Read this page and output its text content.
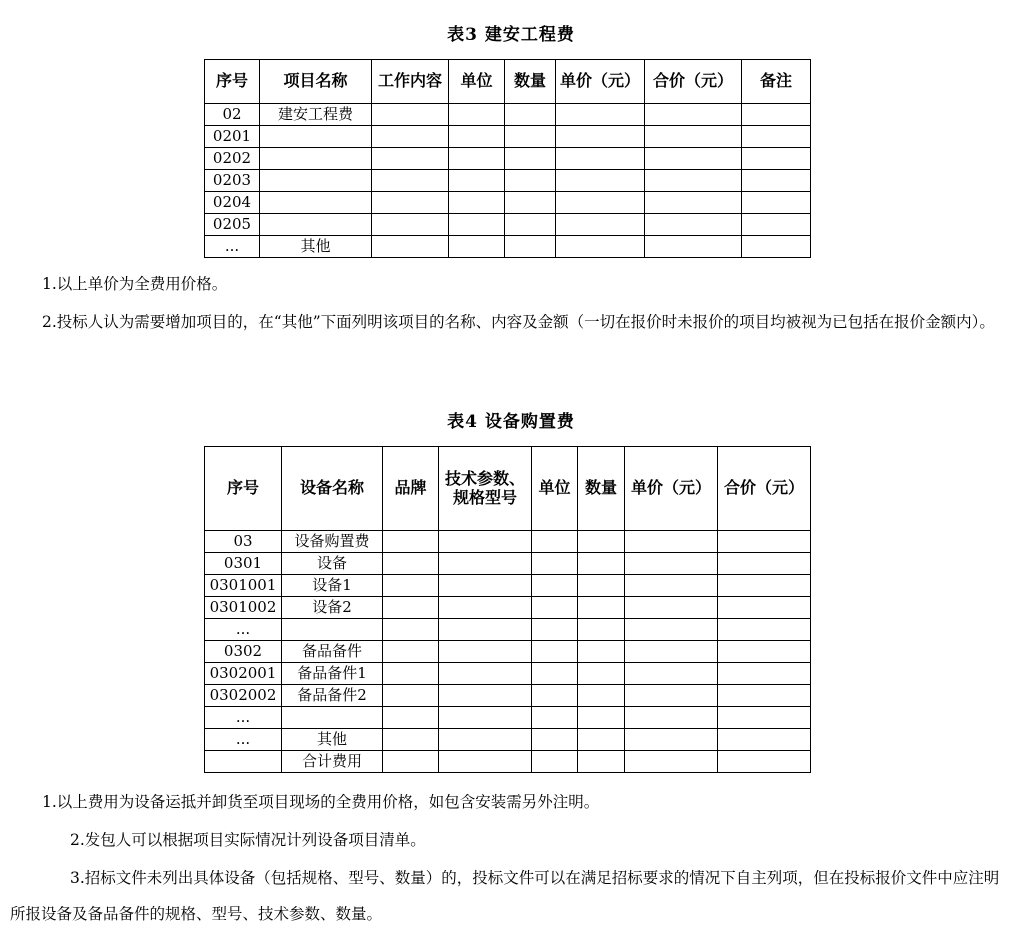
表3 建安工程费
序号	项目名称	工作内容	单位	数量	单价（元）	合价（元）	备注
02	建安工程费						
0201							
0202							
0203							
0204							
0205							
...	其他						
1.以上单价为全费用价格。
2.投标人认为需要增加项目的，在“其他”下面列明该项目的名称、内容及金额（一切在报价时未报价的项目均被视为已包括在报价金额内）。
表4 设备购置费
序号	设备名称	品牌	技术参数、规格型号	单位	数量	单价（元）	合价（元）
03	设备购置费						
0301	设备						
0301001	设备1						
0301002	设备2						
...							
0302	备品备件						
0302001	备品备件1						
0302002	备品备件2						
...							
...	其他						
	合计费用						
1.以上费用为设备运抵并卸货至项目现场的全费用价格，如包含安装需另外注明。
2.发包人可以根据项目实际情况计列设备项目清单。
3.招标文件未列出具体设备（包括规格、型号、数量）的，投标文件可以在满足招标要求的情况下自主列项，但在投标报价文件中应注明所报设备及备品备件的规格、型号、技术参数、数量。
